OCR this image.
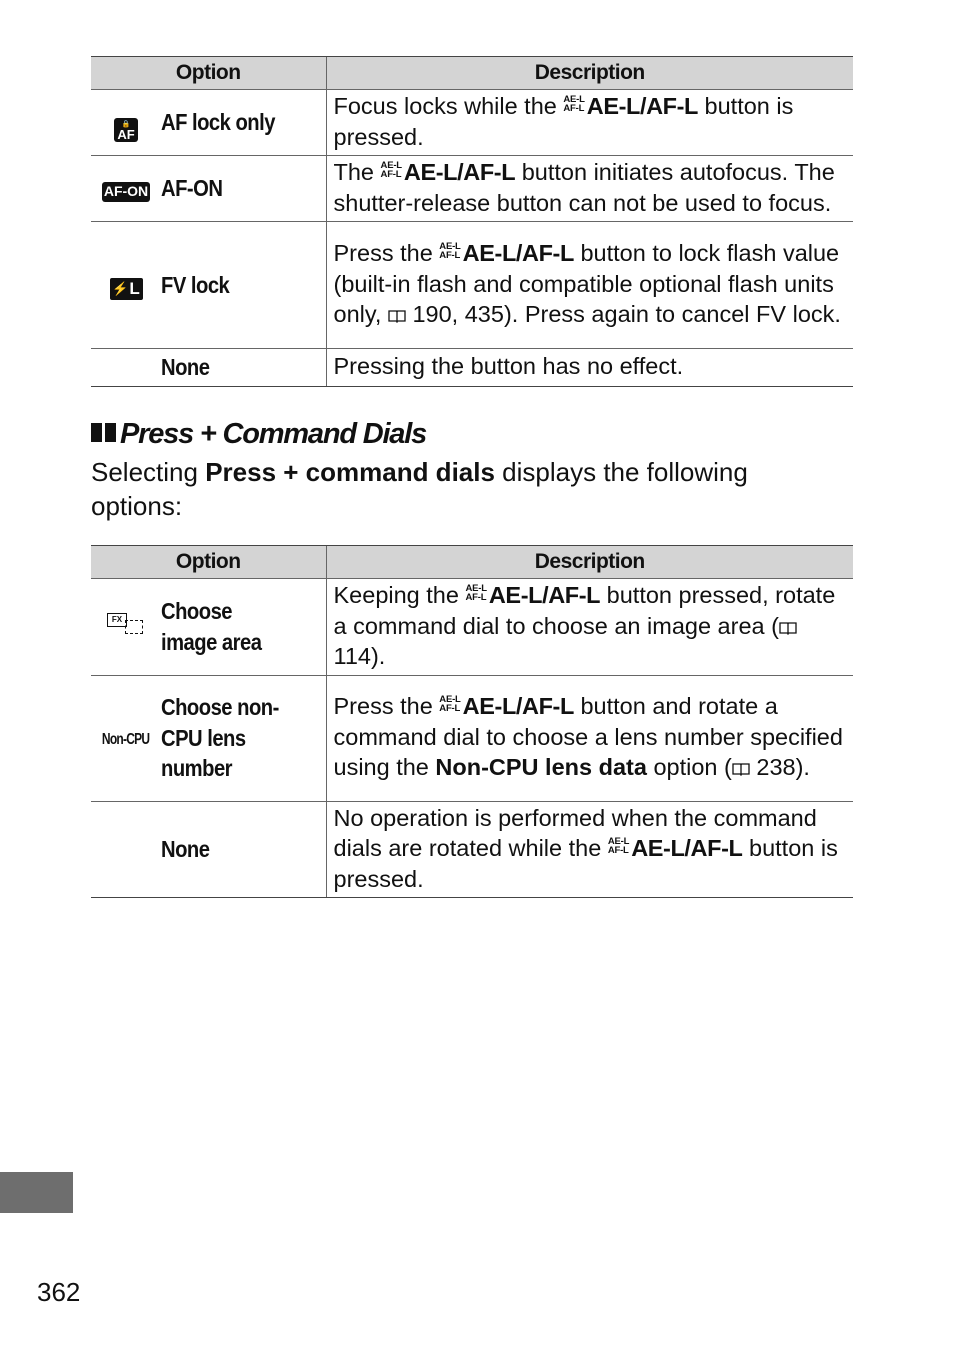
Option		Description

🔒
AF	AF lock only	Focus locks while the AE-L
AF-L AE-L/AF-L button is pressed.
AF-ON	AF-ON	The AE-L
AF-L AE-L/AF-L button initiates autofocus. The shutter-release button can not be used to focus.

⚡ L	FV lock	Press the AE-L
AF-L AE-L/AF-L button to lock flash value (built-in flash and compatible optional flash units only,  190, 435). Press again to cancel FV lock.
	None	Pressing the button has no effect.
Press + Command Dials
Selecting Press + command dials displays the following options:
Option		Description

FX	Choose image area	Keeping the AE-L
AF-L AE-L/AF-L button pressed, rotate a command dial to choose an image area ( 114).
Non-CPU	Choose non-CPU lens number	Press the AE-L
AF-L AE-L/AF-L button and rotate a command dial to choose a lens number specified using the Non-CPU lens data option ( 238).
	None	No operation is performed when the command dials are rotated while the AE-L
AF-L AE-L/AF-L button is pressed.
362
